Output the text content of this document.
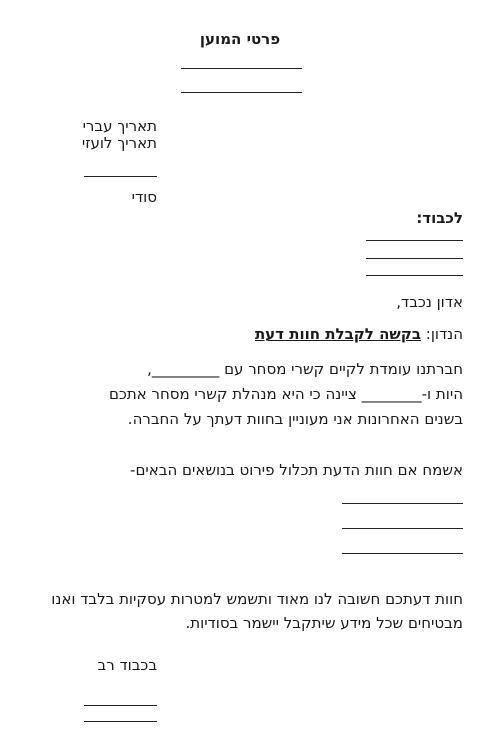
פרטי המוען
תאריך עברי
תאריך לועזי
סודי
לכבוד:
אדון נכבד,
הנדון: בקשה לקבלת חוות דעת
חברתנו עומדת לקיים קשרי מסחר עם _________,
היות ו-________ ציינה כי היא מנהלת קשרי מסחר אתכם
בשנים האחרונות אני מעוניין בחוות דעתך על החברה.
אשמח אם חוות הדעת תכלול פירוט בנושאים הבאים-
חוות דעתכם חשובה לנו מאוד ותשמש למטרות עסקיות בלבד ואנו
מבטיחים שכל מידע שיתקבל יישמר בסודיות.
בכבוד רב
